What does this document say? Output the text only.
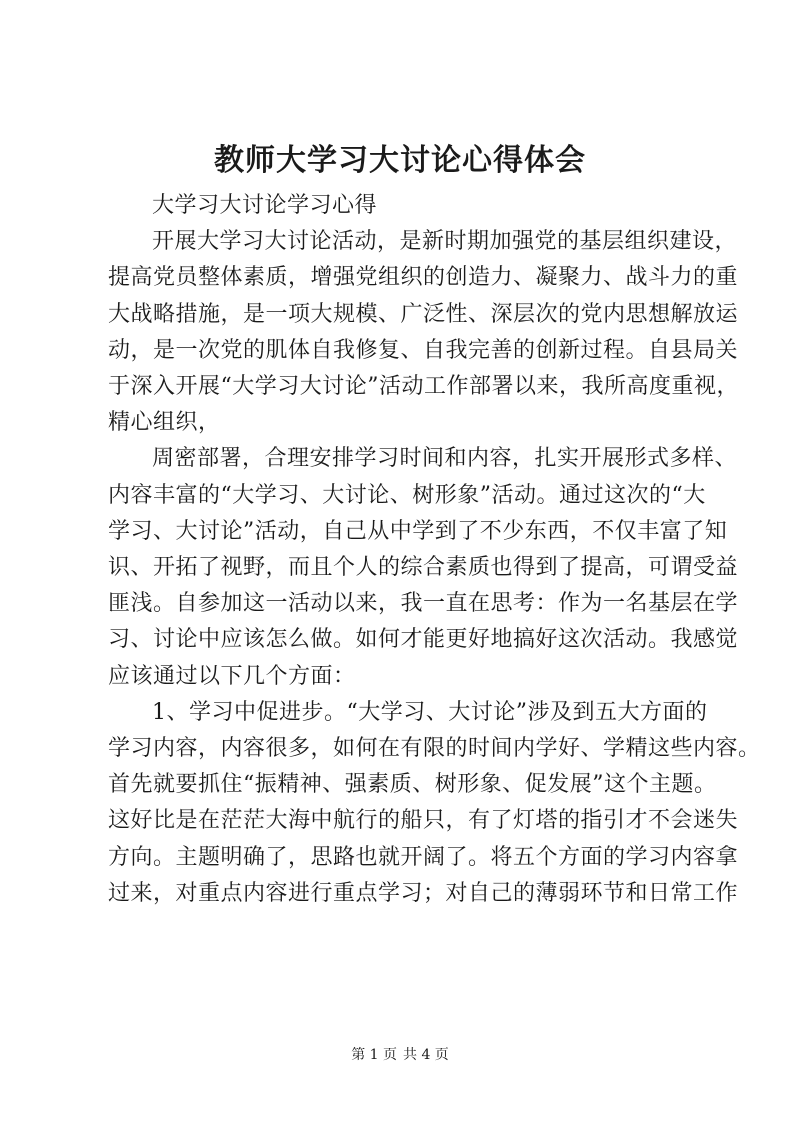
教师大学习大讨论心得体会

大学习大讨论学习心得

开展大学习大讨论活动，是新时期加强党的基层组织建设，
提高党员整体素质，增强党组织的创造力、凝聚力、战斗力的重
大战略措施，是一项大规模、广泛性、深层次的党内思想解放运
动，是一次党的肌体自我修复、自我完善的创新过程。自县局关
于深入开展“大学习大讨论”活动工作部署以来，我所高度重视，
精心组织，

周密部署，合理安排学习时间和内容，扎实开展形式多样、
内容丰富的“大学习、大讨论、树形象”活动。通过这次的“大
学习、大讨论”活动，自己从中学到了不少东西，不仅丰富了知
识、开拓了视野，而且个人的综合素质也得到了提高，可谓受益
匪浅。自参加这一活动以来，我一直在思考：作为一名基层在学
习、讨论中应该怎么做。如何才能更好地搞好这次活动。我感觉
应该通过以下几个方面：

1、学习中促进步。“大学习、大讨论”涉及到五大方面的
学习内容，内容很多，如何在有限的时间内学好、学精这些内容。
首先就要抓住“振精神、强素质、树形象、促发展”这个主题。
这好比是在茫茫大海中航行的船只，有了灯塔的指引才不会迷失
方向。主题明确了，思路也就开阔了。将五个方面的学习内容拿
过来，对重点内容进行重点学习；对自己的薄弱环节和日常工作

第 1 页 共 4 页
